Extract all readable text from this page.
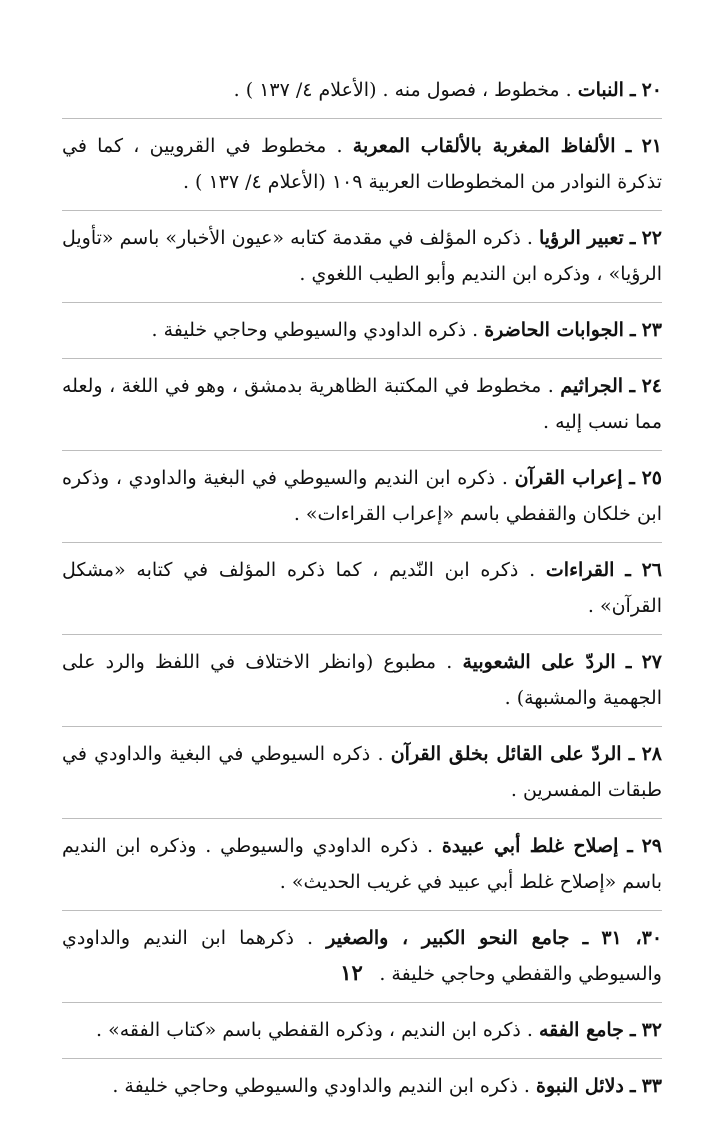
٢٠ ـ النبات . مخطوط ، فصول منه . (الأعلام ٤/ ١٣٧ ) .

٢١ ـ الألفاظ المغربة بالألقاب المعربة . مخطوط في القرويين ، كما في تذكرة النوادر من المخطوطات العربية ١٠٩ (الأعلام ٤/ ١٣٧ ) .

٢٢ ـ تعبير الرؤيا . ذكره المؤلف في مقدمة كتابه «عيون الأخبار» باسم «تأويل الرؤيا» ، وذكره ابن النديم وأبو الطيب اللغوي .

٢٣ ـ الجوابات الحاضرة . ذكره الداودي والسيوطي وحاجي خليفة .

٢٤ ـ الجراثيم . مخطوط في المكتبة الظاهرية بدمشق ، وهو في اللغة ، ولعله مما نسب إليه .

٢٥ ـ إعراب القرآن . ذكره ابن النديم والسيوطي في البغية والداودي ، وذكره ابن خلكان والقفطي باسم «إعراب القراءات» .

٢٦ ـ القراءات . ذكره ابن النّديم ، كما ذكره المؤلف في كتابه «مشكل القرآن» .

٢٧ ـ الردّ على الشعوبية . مطبوع (وانظر الاختلاف في اللفظ والرد على الجهمية والمشبهة) .

٢٨ ـ الردّ على القائل بخلق القرآن . ذكره السيوطي في البغية والداودي في طبقات المفسرين .

٢٩ ـ إصلاح غلط أبي عبيدة . ذكره الداودي والسيوطي . وذكره ابن النديم باسم «إصلاح غلط أبي عبيد في غريب الحديث» .

٣٠، ٣١ ـ جامع النحو الكبير ، والصغير . ذكرهما ابن النديم والداودي والسيوطي والقفطي وحاجي خليفة .

٣٢ ـ جامع الفقه . ذكره ابن النديم ، وذكره القفطي باسم «كتاب الفقه» .

٣٣ ـ دلائل النبوة . ذكره ابن النديم والداودي والسيوطي وحاجي خليفة .

١٢
